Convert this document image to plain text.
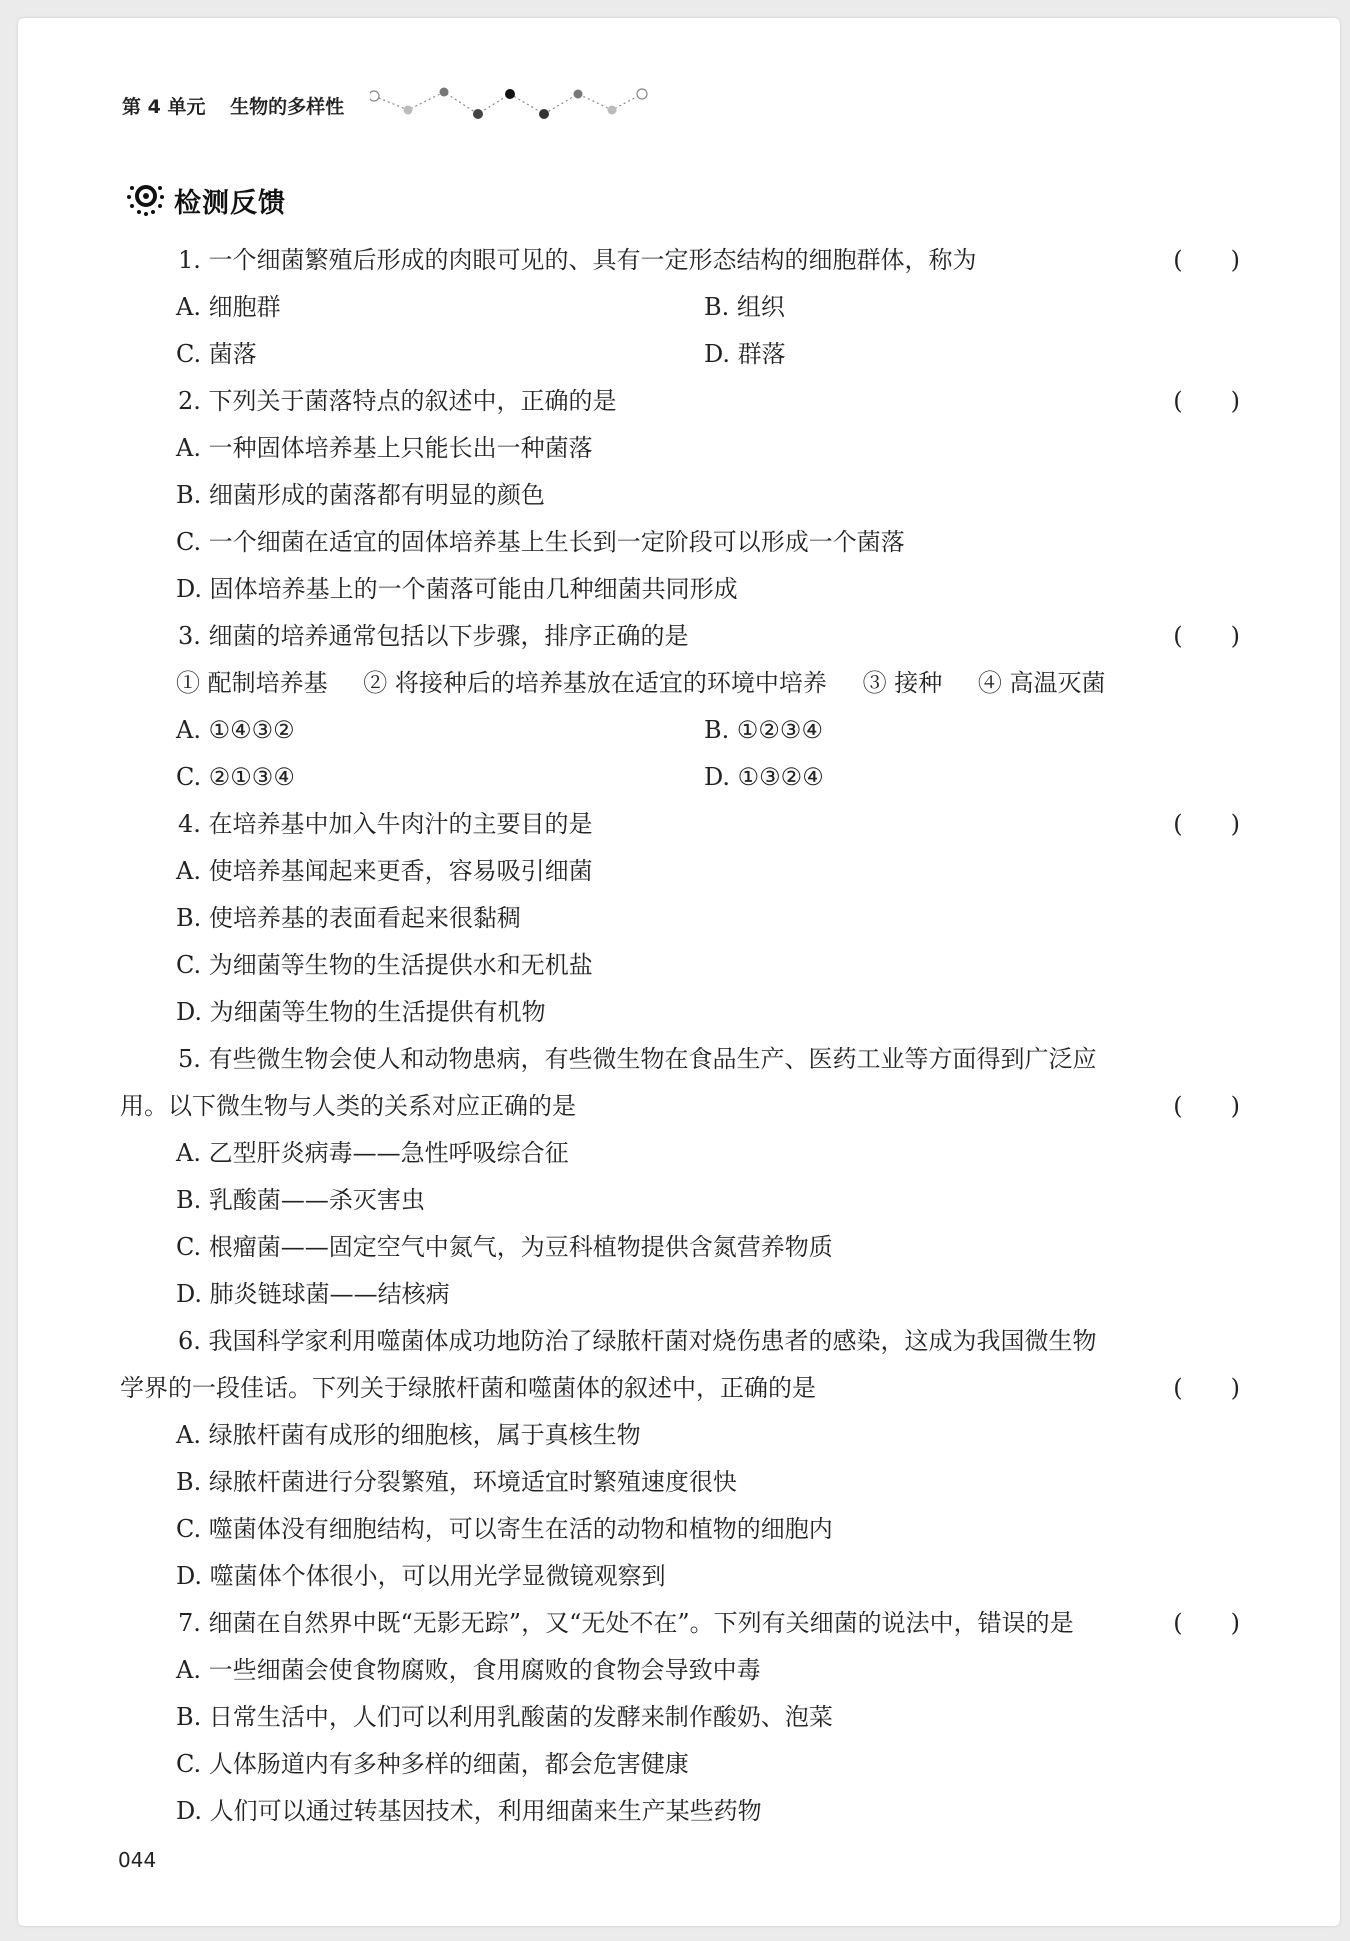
第 4 单元 生物的多样性
检测反馈
1. 一个细菌繁殖后形成的肉眼可见的、具有一定形态结构的细胞群体，称为	(　　)
A. 细胞群	B. 组织
C. 菌落	D. 群落
2. 下列关于菌落特点的叙述中，正确的是	(　　)
A. 一种固体培养基上只能长出一种菌落
B. 细菌形成的菌落都有明显的颜色
C. 一个细菌在适宜的固体培养基上生长到一定阶段可以形成一个菌落
D. 固体培养基上的一个菌落可能由几种细菌共同形成
3. 细菌的培养通常包括以下步骤，排序正确的是	(　　)
① 配制培养基 ② 将接种后的培养基放在适宜的环境中培养 ③ 接种 ④ 高温灭菌
A. ①④③②	B. ①②③④
C. ②①③④	D. ①③②④
4. 在培养基中加入牛肉汁的主要目的是	(　　)
A. 使培养基闻起来更香，容易吸引细菌
B. 使培养基的表面看起来很黏稠
C. 为细菌等生物的生活提供水和无机盐
D. 为细菌等生物的生活提供有机物
5. 有些微生物会使人和动物患病，有些微生物在食品生产、医药工业等方面得到广泛应
用。以下微生物与人类的关系对应正确的是	(　　)
A. 乙型肝炎病毒——急性呼吸综合征
B. 乳酸菌——杀灭害虫
C. 根瘤菌——固定空气中氮气，为豆科植物提供含氮营养物质
D. 肺炎链球菌——结核病
6. 我国科学家利用噬菌体成功地防治了绿脓杆菌对烧伤患者的感染，这成为我国微生物
学界的一段佳话。下列关于绿脓杆菌和噬菌体的叙述中，正确的是	(　　)
A. 绿脓杆菌有成形的细胞核，属于真核生物
B. 绿脓杆菌进行分裂繁殖，环境适宜时繁殖速度很快
C. 噬菌体没有细胞结构，可以寄生在活的动物和植物的细胞内
D. 噬菌体个体很小，可以用光学显微镜观察到
7. 细菌在自然界中既“无影无踪”，又“无处不在”。下列有关细菌的说法中，错误的是	(　　)
A. 一些细菌会使食物腐败，食用腐败的食物会导致中毒
B. 日常生活中，人们可以利用乳酸菌的发酵来制作酸奶、泡菜
C. 人体肠道内有多种多样的细菌，都会危害健康
D. 人们可以通过转基因技术，利用细菌来生产某些药物
044
